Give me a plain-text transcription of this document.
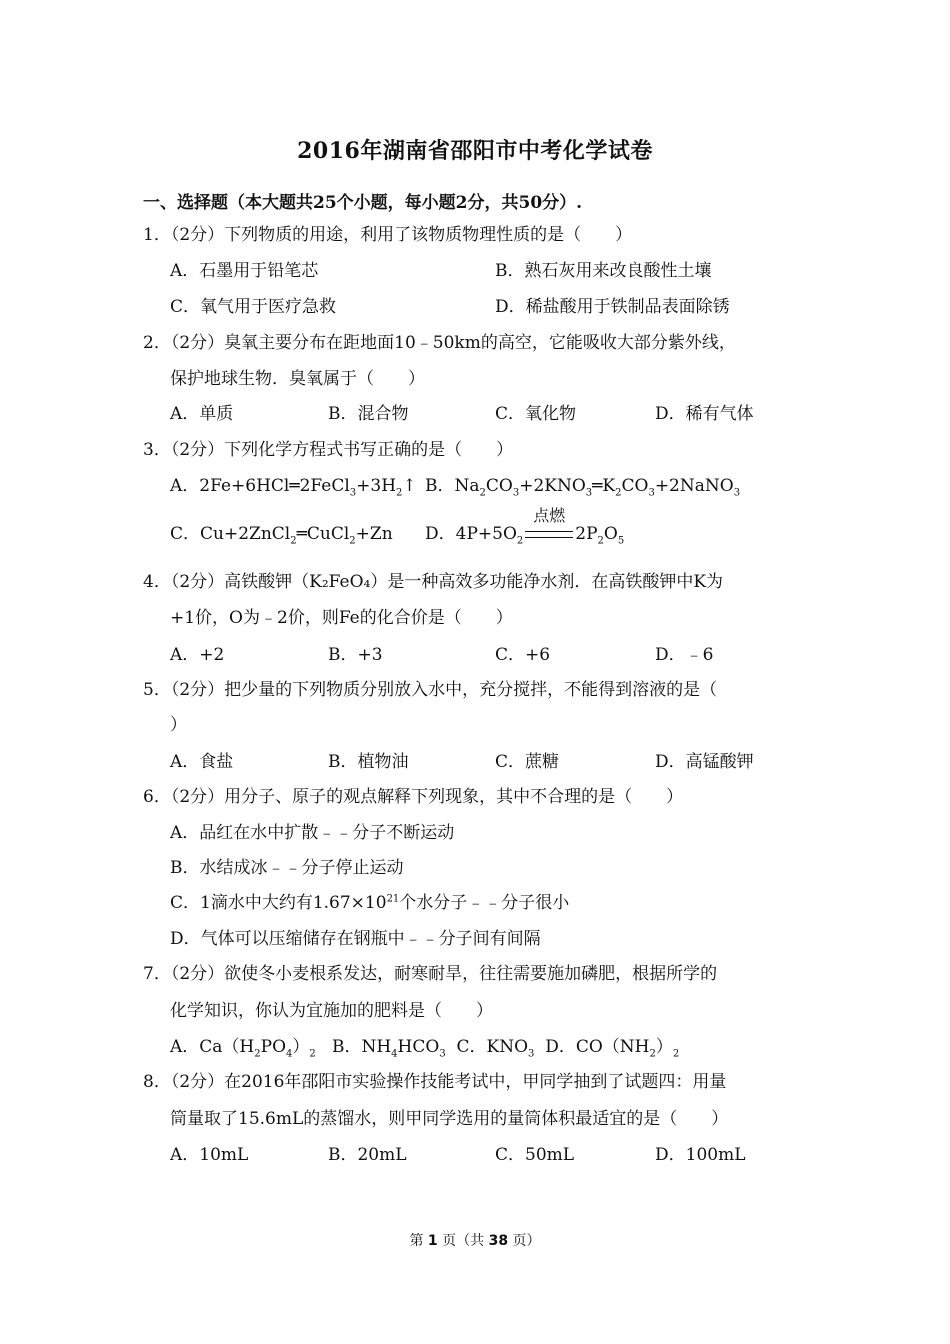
2016年湖南省邵阳市中考化学试卷
一、选择题（本大题共25个小题，每小题2分，共50分）.
1．（2分）下列物质的用途，利用了该物质物理性质的是（　　）
A．石墨用于铅笔芯	B．熟石灰用来改良酸性土壤
C．氧气用于医疗急救	D．稀盐酸用于铁制品表面除锈
2．（2分）臭氧主要分布在距地面10﹣50km的高空，它能吸收大部分紫外线，
保护地球生物．臭氧属于（　　）
A．单质	B．混合物	C．氧化物	D．稀有气体
3．（2分）下列化学方程式书写正确的是（　　）
A．$2Fe+6HCl═2FeCl_3+3H_2↑$ B．$Na_2CO_3+2KNO_3═K_2CO_3+2NaNO_3$
C．Cu+2ZnCl$_2$═CuCl$_2$+Zn D．$4P+5O_2$
点燃
$2P_2O_5$
4．（2分）高铁酸钾（K₂FeO₄）是一种高效多功能净水剂．在高铁酸钾中K为
+1价，O为﹣2价，则Fe的化合价是（　　）
A．+2	B．+3	C．+6	D．﹣6
5．（2分）把少量的下列物质分别放入水中，充分搅拌，不能得到溶液的是（
）
A．食盐	B．植物油	C．蔗糖	D．高锰酸钾
6．（2分）用分子、原子的观点解释下列现象，其中不合理的是（　　）
A．品红在水中扩散﹣﹣分子不断运动
B．水结成冰﹣﹣分子停止运动
C．1滴水中大约有$1.67\times 10^{21}$个水分子﹣﹣分子很小
D．气体可以压缩储存在钢瓶中﹣﹣分子间有间隔
7．（2分）欲使冬小麦根系发达，耐寒耐旱，往往需要施加磷肥，根据所学的
化学知识，你认为宜施加的肥料是（　　）
A．$Ca(H_2PO_4)_2$   B．$NH_4HCO_3$  C．$KNO_3$  D．$CO(NH_2)_2$
8．（2分）在2016年邵阳市实验操作技能考试中，甲同学抽到了试题四：用量
筒量取了15.6mL的蒸馏水，则甲同学选用的量筒体积最适宜的是（　　）
A．10mL	B．20mL	C．50mL	D．100mL
第 1 页（共 38 页）
